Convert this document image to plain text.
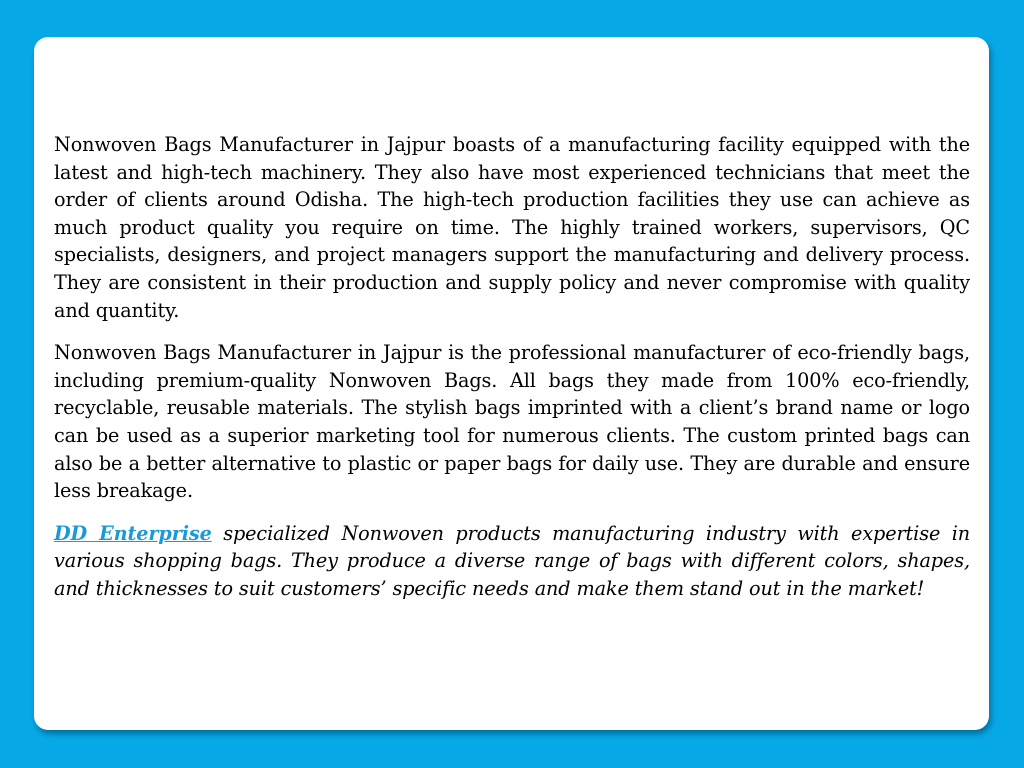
Nonwoven Bags Manufacturer in Jajpur boasts of a manufacturing facility equipped with the latest and high-tech machinery. They also have most experienced technicians that meet the order of clients around Odisha. The high-tech production facilities they use can achieve as much product quality you require on time. The highly trained workers, supervisors, QC specialists, designers, and project managers support the manufacturing and delivery process. They are consistent in their production and supply policy and never compromise with quality and quantity.

Nonwoven Bags Manufacturer in Jajpur is the professional manufacturer of eco-friendly bags, including premium-quality Nonwoven Bags. All bags they made from 100% eco-friendly, recyclable, reusable materials. The stylish bags imprinted with a client’s brand name or logo can be used as a superior marketing tool for numerous clients. The custom printed bags can also be a better alternative to plastic or paper bags for daily use. They are durable and ensure less breakage.

DD Enterprise specialized Nonwoven products manufacturing industry with expertise in various shopping bags. They produce a diverse range of bags with different colors, shapes, and thicknesses to suit customers’ specific needs and make them stand out in the market!
